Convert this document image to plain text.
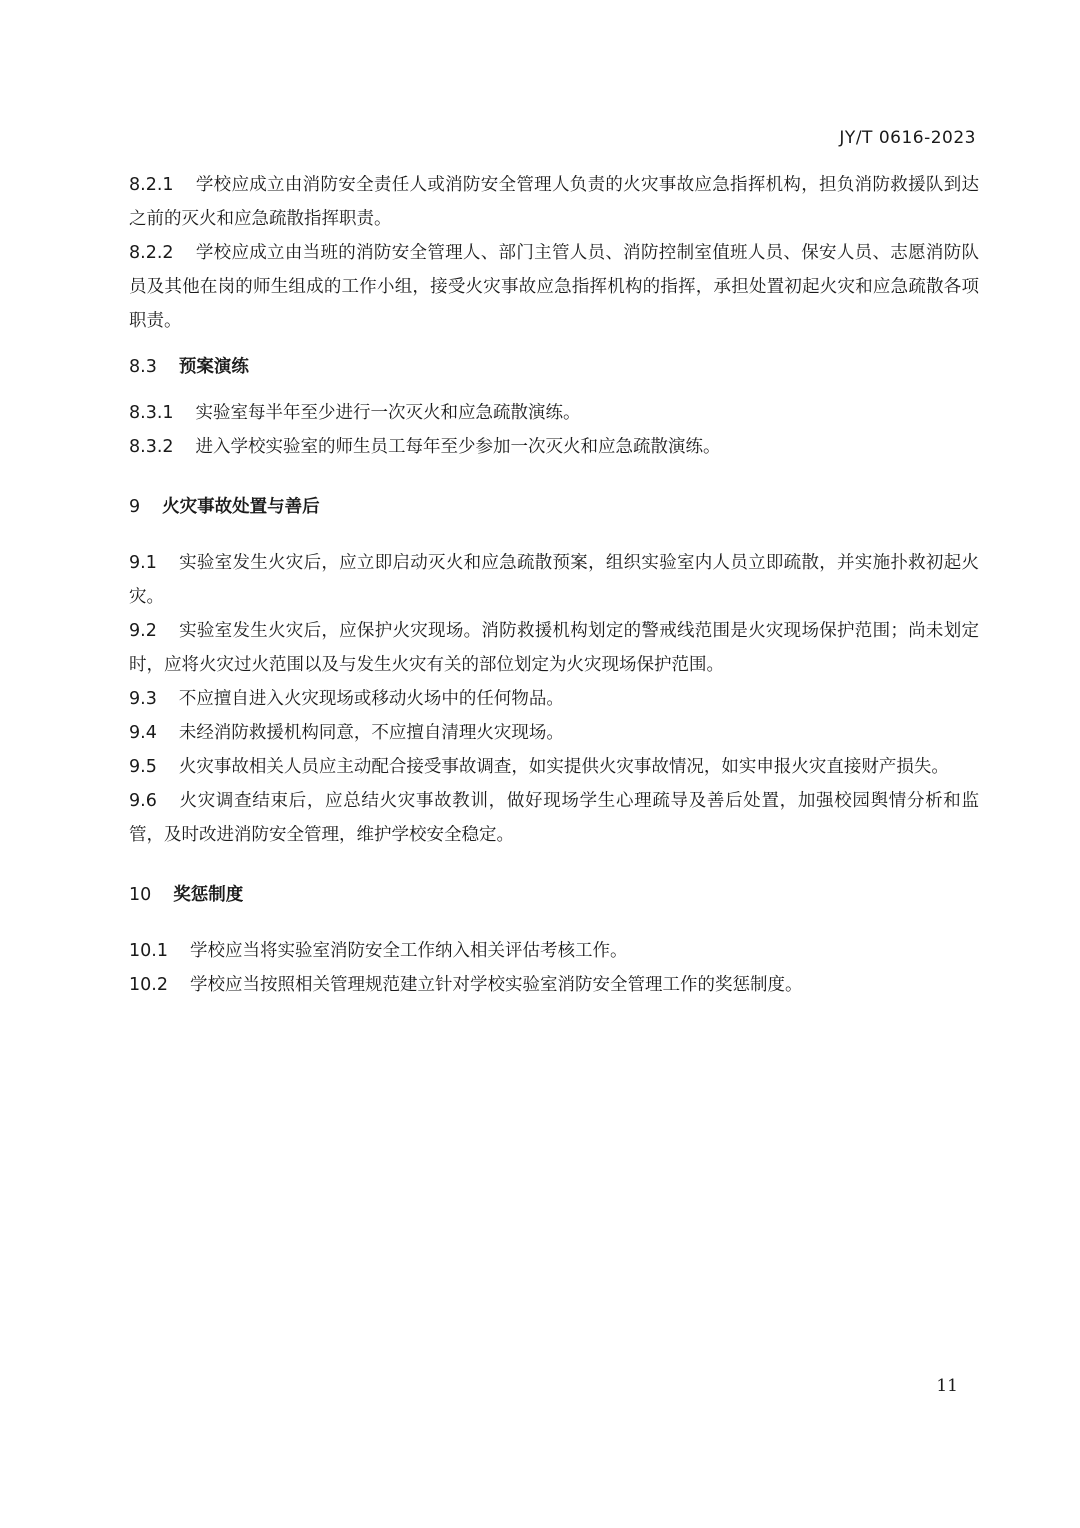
JY/T 0616-2023

8.2.1 学校应成立由消防安全责任人或消防安全管理人负责的火灾事故应急指挥机构，担负消防救援队到达之前的灭火和应急疏散指挥职责。

8.2.2 学校应成立由当班的消防安全管理人、部门主管人员、消防控制室值班人员、保安人员、志愿消防队员及其他在岗的师生组成的工作小组，接受火灾事故应急指挥机构的指挥，承担处置初起火灾和应急疏散各项职责。

8.3 预案演练

8.3.1 实验室每半年至少进行一次灭火和应急疏散演练。

8.3.2 进入学校实验室的师生员工每年至少参加一次灭火和应急疏散演练。

9 火灾事故处置与善后

9.1 实验室发生火灾后，应立即启动灭火和应急疏散预案，组织实验室内人员立即疏散，并实施扑救初起火灾。

9.2 实验室发生火灾后，应保护火灾现场。消防救援机构划定的警戒线范围是火灾现场保护范围；尚未划定时，应将火灾过火范围以及与发生火灾有关的部位划定为火灾现场保护范围。

9.3 不应擅自进入火灾现场或移动火场中的任何物品。

9.4 未经消防救援机构同意，不应擅自清理火灾现场。

9.5 火灾事故相关人员应主动配合接受事故调查，如实提供火灾事故情况，如实申报火灾直接财产损失。

9.6 火灾调查结束后，应总结火灾事故教训，做好现场学生心理疏导及善后处置，加强校园舆情分析和监管，及时改进消防安全管理，维护学校安全稳定。

10 奖惩制度

10.1 学校应当将实验室消防安全工作纳入相关评估考核工作。

10.2 学校应当按照相关管理规范建立针对学校实验室消防安全管理工作的奖惩制度。

11
